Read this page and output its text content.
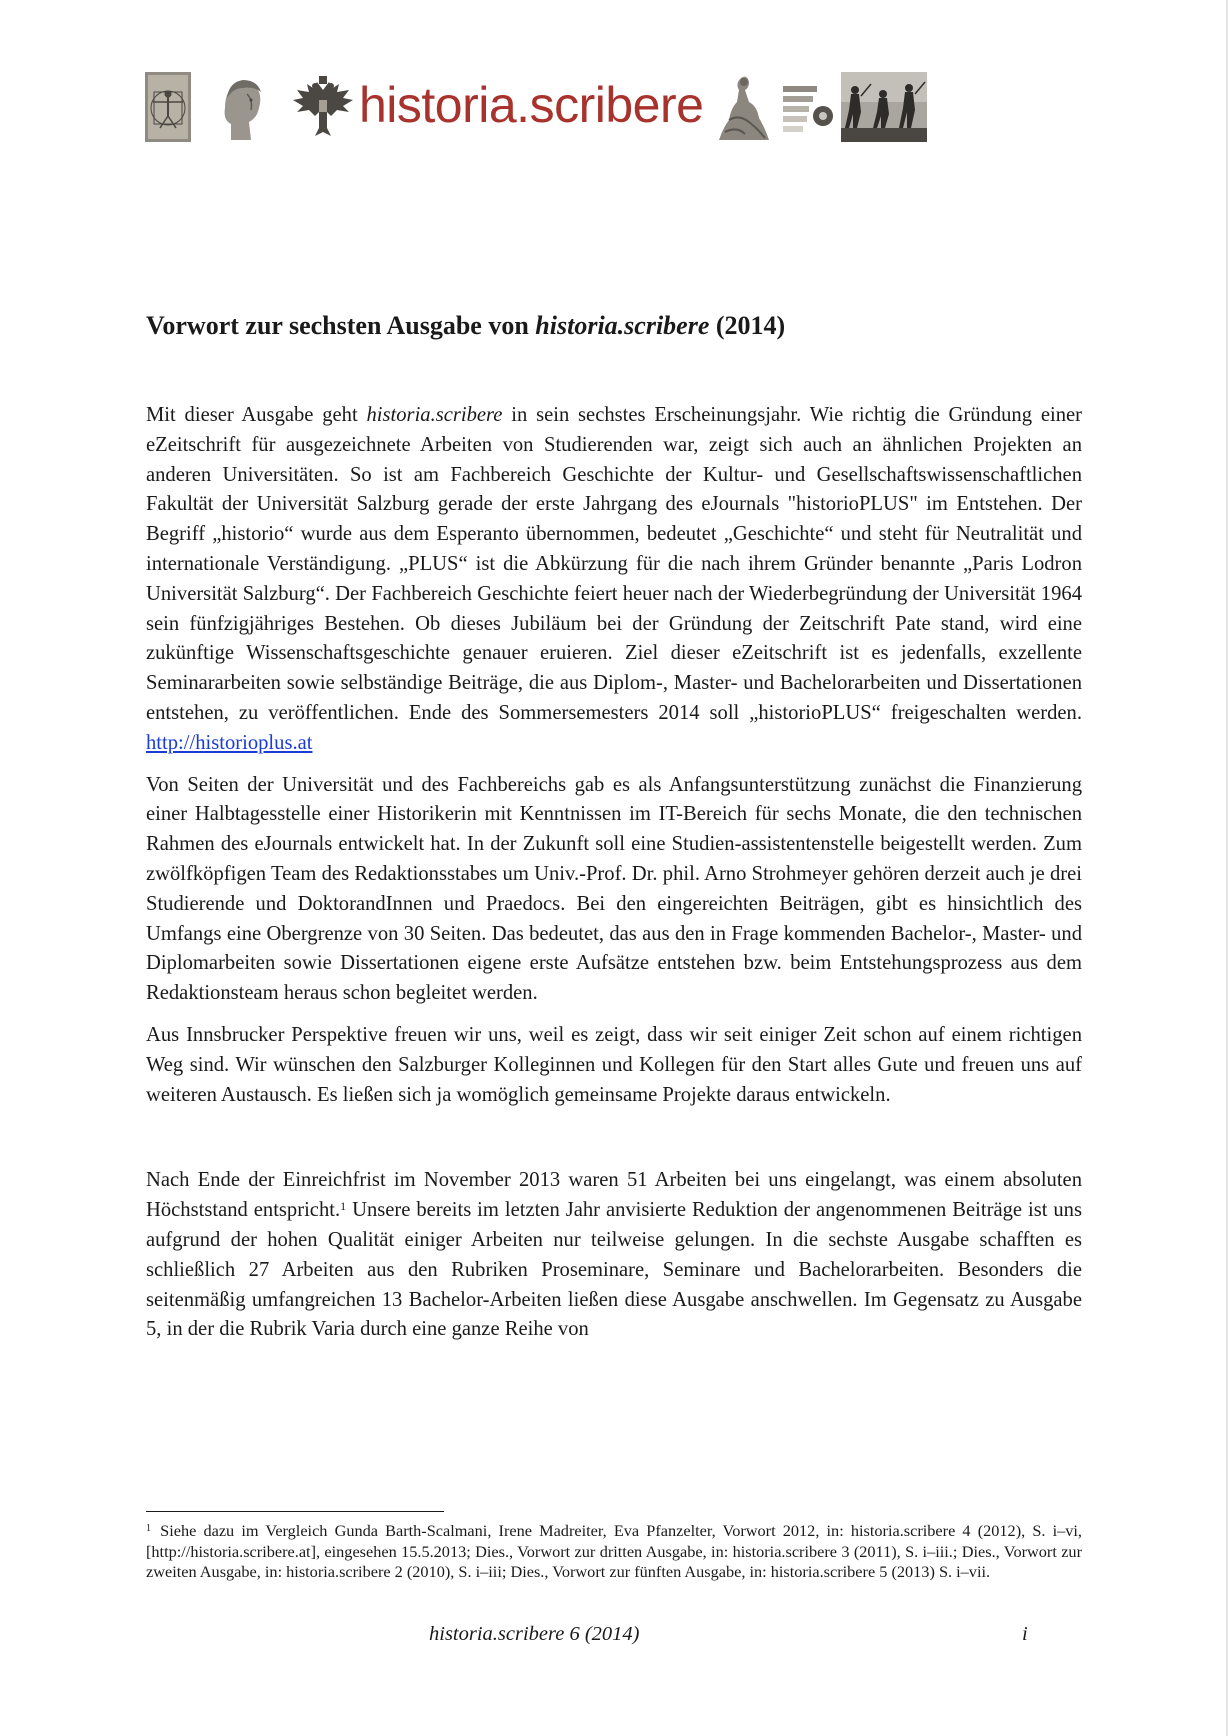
historia.scribere
Vorwort zur sechsten Ausgabe von historia.scribere (2014)

Mit dieser Ausgabe geht historia.scribere in sein sechstes Erscheinungsjahr. Wie richtig die Gründung einer eZeitschrift für ausgezeichnete Arbeiten von Studierenden war, zeigt sich auch an ähnlichen Projekten an anderen Universitäten. So ist am Fachbereich Geschichte der Kultur- und Gesellschaftswissenschaftlichen Fakultät der Universität Salzburg gerade der erste Jahrgang des eJournals "historioPLUS" im Entstehen. Der Begriff „historio“ wurde aus dem Esperanto übernommen, bedeutet „Geschichte“ und steht für Neutralität und internationale Verständigung. „PLUS“ ist die Abkürzung für die nach ihrem Gründer benannte „Paris Lodron Universität Salzburg“. Der Fachbereich Geschichte feiert heuer nach der Wiederbegründung der Universität 1964 sein fünfzigjähriges Bestehen. Ob dieses Jubiläum bei der Gründung der Zeitschrift Pate stand, wird eine zukünftige Wissenschaftsgeschichte genauer eruieren. Ziel dieser eZeitschrift ist es jedenfalls, exzellente Seminararbeiten sowie selbständige Beiträge, die aus Diplom-, Master- und Bachelorarbeiten und Dissertationen entstehen, zu veröffentlichen. Ende des Sommersemesters 2014 soll „historioPLUS“ freigeschalten werden. http://historioplus.at

Von Seiten der Universität und des Fachbereichs gab es als Anfangsunterstützung zunächst die Finanzierung einer Halbtagesstelle einer Historikerin mit Kenntnissen im IT-Bereich für sechs Monate, die den technischen Rahmen des eJournals entwickelt hat. In der Zukunft soll eine Studien-assistentenstelle beigestellt werden. Zum zwölfköpfigen Team des Redaktionsstabes um Univ.-Prof. Dr. phil. Arno Strohmeyer gehören derzeit auch je drei Studierende und DoktorandInnen und Praedocs. Bei den eingereichten Beiträgen, gibt es hinsichtlich des Umfangs eine Obergrenze von 30 Seiten. Das bedeutet, das aus den in Frage kommenden Bachelor-, Master- und Diplomarbeiten sowie Dissertationen eigene erste Aufsätze entstehen bzw. beim Entstehungsprozess aus dem Redaktionsteam heraus schon begleitet werden.

Aus Innsbrucker Perspektive freuen wir uns, weil es zeigt, dass wir seit einiger Zeit schon auf einem richtigen Weg sind. Wir wünschen den Salzburger Kolleginnen und Kollegen für den Start alles Gute und freuen uns auf weiteren Austausch. Es ließen sich ja womöglich gemeinsame Projekte daraus entwickeln.

Nach Ende der Einreichfrist im November 2013 waren 51 Arbeiten bei uns eingelangt, was einem absoluten Höchststand entspricht.$^1$ Unsere bereits im letzten Jahr anvisierte Reduktion der angenommenen Beiträge ist uns aufgrund der hohen Qualität einiger Arbeiten nur teilweise gelungen. In die sechste Ausgabe schafften es schließlich 27 Arbeiten aus den Rubriken Proseminare, Seminare und Bachelorarbeiten. Besonders die seitenmäßig umfangreichen 13 Bachelor-Arbeiten ließen diese Ausgabe anschwellen. Im Gegensatz zu Ausgabe 5, in der die Rubrik Varia durch eine ganze Reihe von

$^1$ Siehe dazu im Vergleich Gunda Barth-Scalmani, Irene Madreiter, Eva Pfanzelter, Vorwort 2012, in: historia.scribere 4 (2012), S. i–vi, [http://historia.scribere.at], eingesehen 15.5.2013; Dies., Vorwort zur dritten Ausgabe, in: historia.scribere 3 (2011), S. i–iii.; Dies., Vorwort zur zweiten Ausgabe, in: historia.scribere 2 (2010), S. i–iii; Dies., Vorwort zur fünften Ausgabe, in: historia.scribere 5 (2013) S. i–vii.

historia.scribere 6 (2014)	i
